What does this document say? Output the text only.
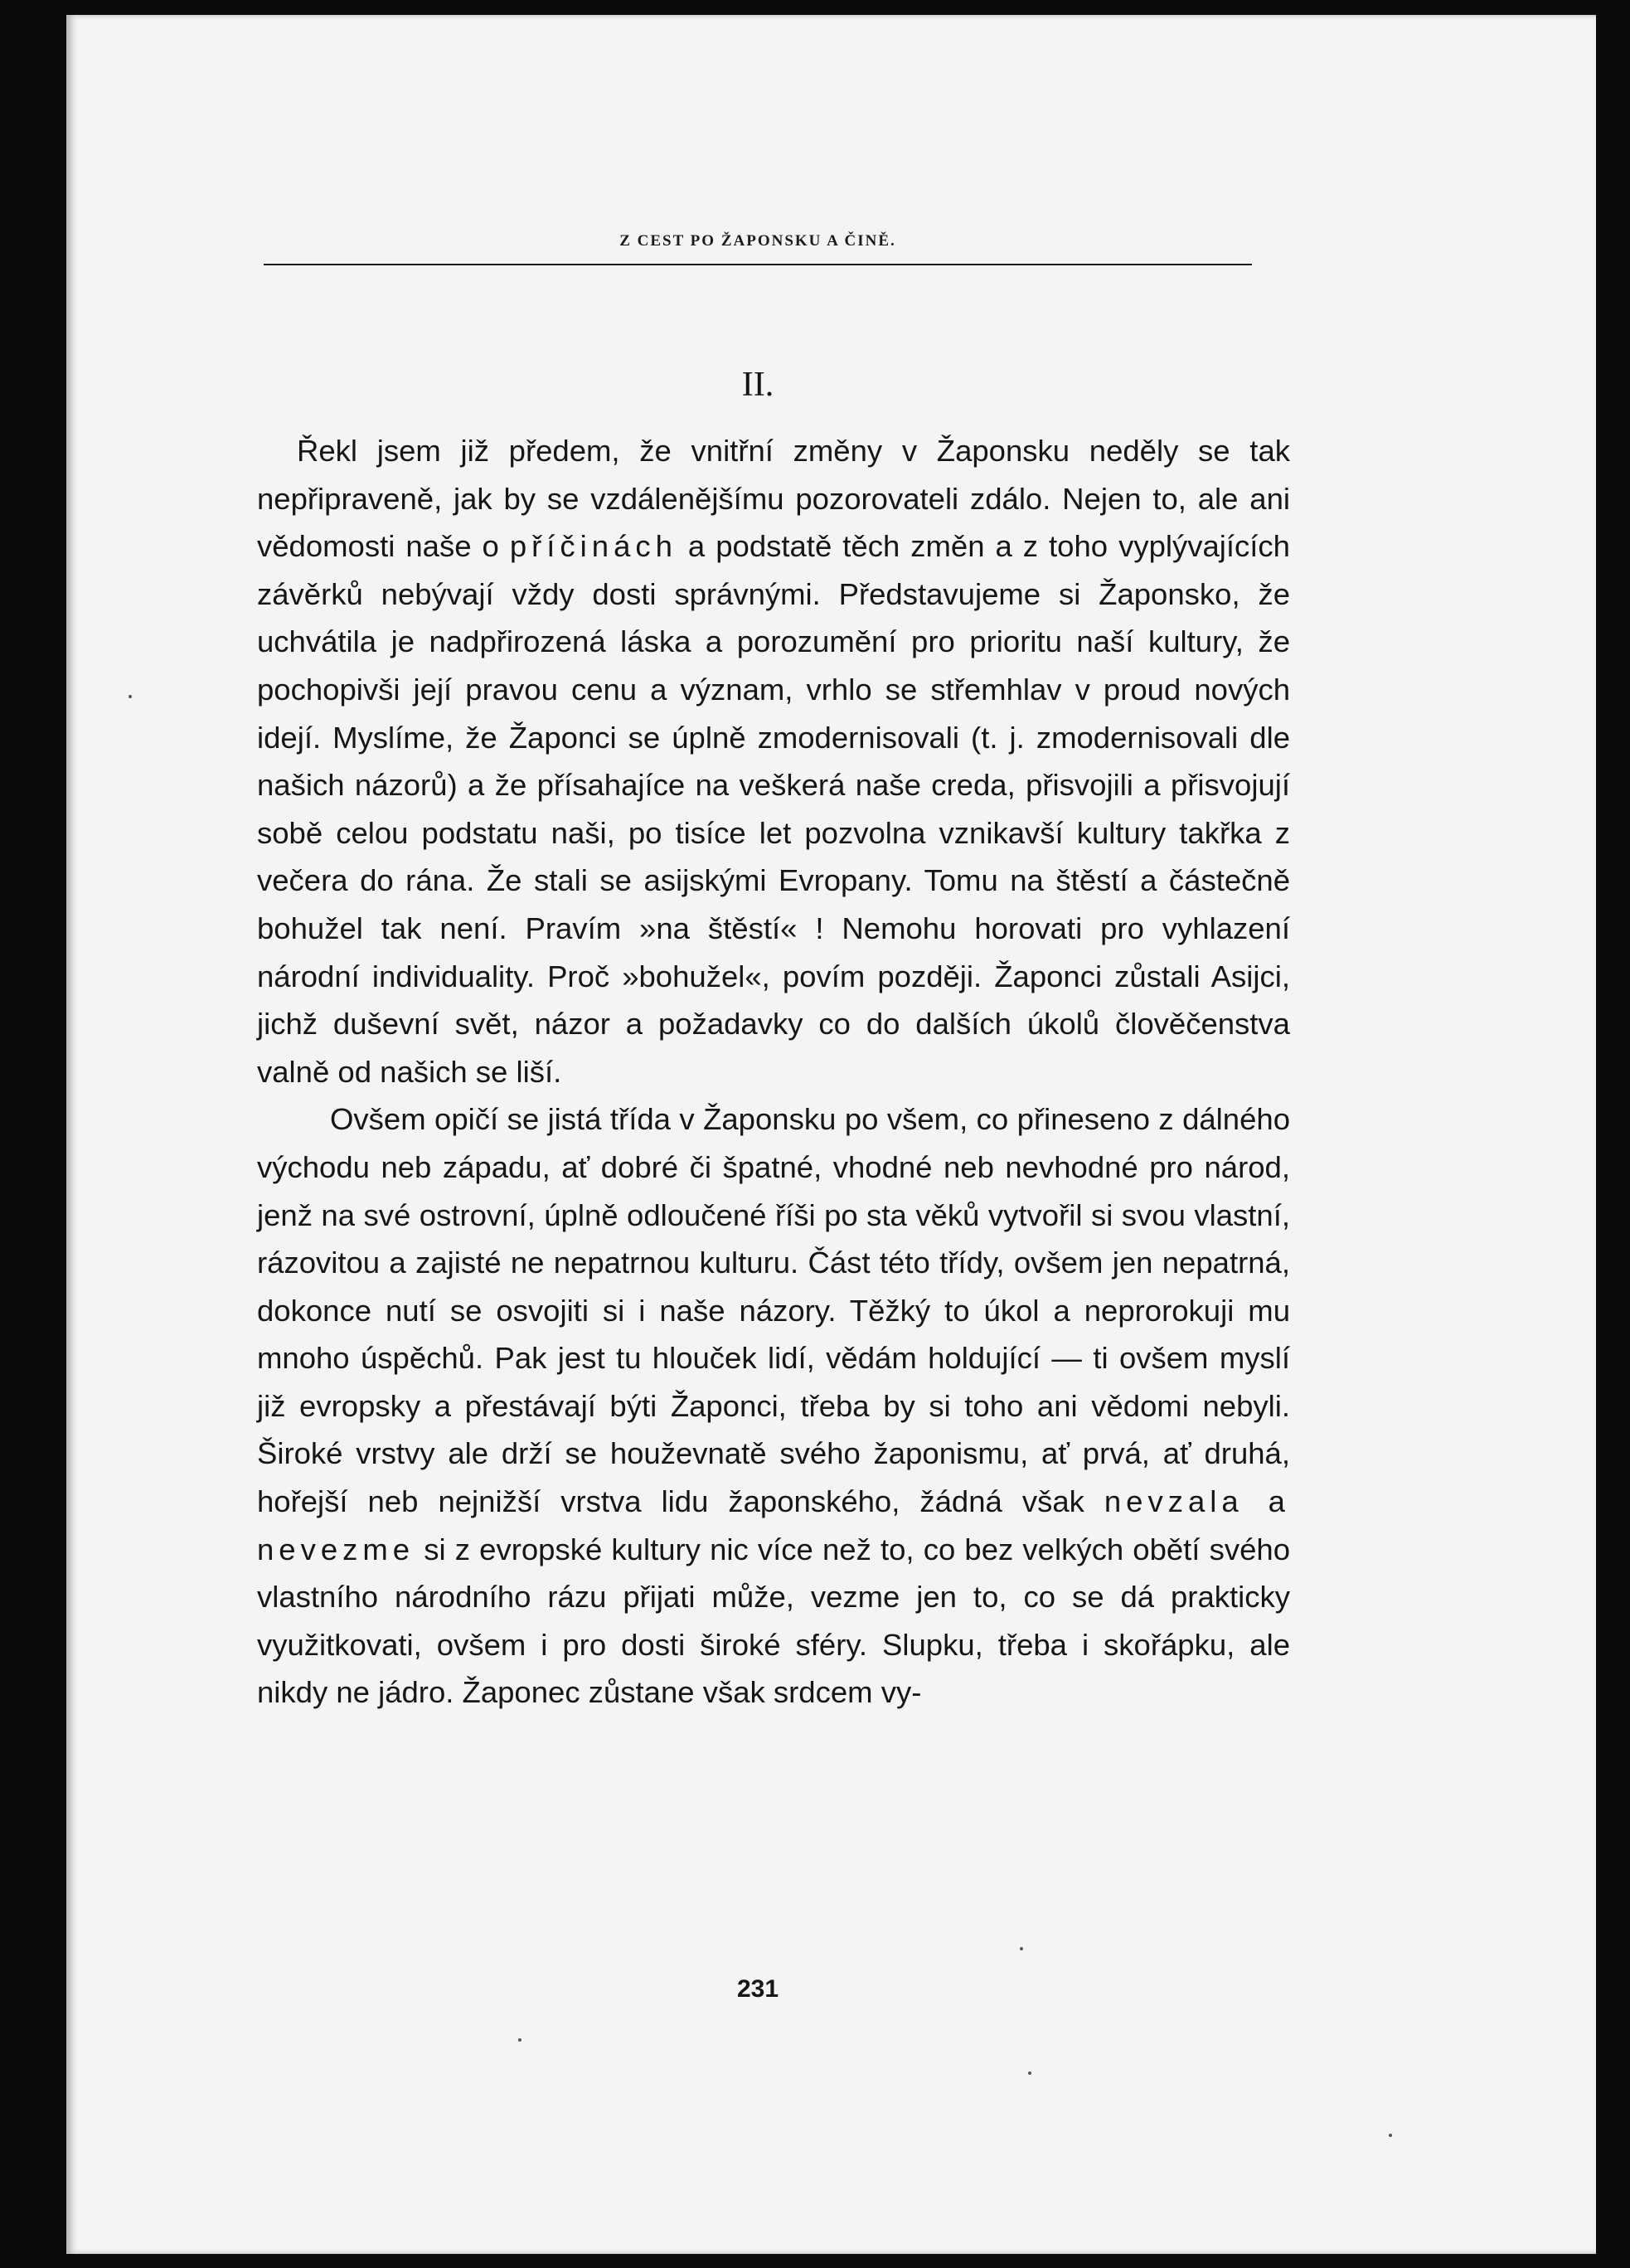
Z CEST PO ŽAPONSKU A ČINĚ.
II.

Řekl jsem již předem, že vnitřní změny v Žaponsku neděly se tak nepřipraveně, jak by se vzdálenějšímu pozorovateli zdálo. Nejen to, ale ani vědomosti naše o příčinách a podstatě těch změn a z toho vyplývajících závěrků nebývají vždy dosti správnými. Představujeme si Žaponsko, že uchvátila je nadpřirozená láska a porozumění pro prioritu naší kultury, že pochopivši její pravou cenu a význam, vrhlo se střemhlav v proud nových idejí. Myslíme, že Žaponci se úplně zmodernisovali (t. j. zmodernisovali dle našich názorů) a že přísahajíce na veškerá naše creda, přisvojili a přisvojují sobě celou podstatu naši, po tisíce let pozvolna vznikavší kultury takřka z večera do rána. Že stali se asijskými Evropany. Tomu na štěstí a částečně bohužel tak není. Pravím »na štěstí« ! Nemohu horovati pro vyhlazení národní individuality. Proč »bohužel«, povím později. Žaponci zůstali Asijci, jichž duševní svět, názor a požadavky co do dalších úkolů člověčenstva valně od našich se liší.

Ovšem opičí se jistá třída v Žaponsku po všem, co přineseno z dálného východu neb západu, ať dobré či špatné, vhodné neb nevhodné pro národ, jenž na své ostrovní, úplně odloučené říši po sta věků vytvořil si svou vlastní, rázovitou a zajisté ne nepatrnou kulturu. Část této třídy, ovšem jen nepatrná, dokonce nutí se osvojiti si i naše názory. Těžký to úkol a neprorokuji mu mnoho úspěchů. Pak jest tu hlouček lidí, vědám holdující — ti ovšem myslí již evropsky a přestávají býti Žaponci, třeba by si toho ani vědomi nebyli. Široké vrstvy ale drží se houževnatě svého žaponismu, ať prvá, ať druhá, hořejší neb nejnižší vrstva lidu žaponského, žádná však nevzala a nevezme si z evropské kultury nic více než to, co bez velkých obětí svého vlastního národního rázu přijati může, vezme jen to, co se dá prakticky využitkovati, ovšem i pro dosti široké sféry. Slupku, třeba i skořápku, ale nikdy ne jádro. Žaponec zůstane však srdcem vy-

231
